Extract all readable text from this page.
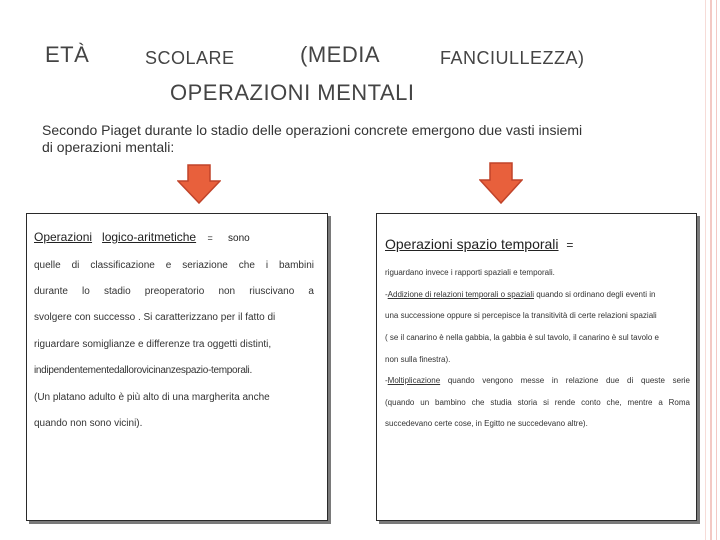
ETÀ	SCOLARE	(MEDIA	FANCIULLEZZA)
OPERAZIONI MENTALI
Secondo Piaget durante lo stadio delle operazioni concrete emergono due vasti insiemi
di operazioni mentali:
Operazioni logico-aritmetiche = sono
quelle di classificazione e seriazione che i bambini
durante lo stadio preoperatorio non riuscivano a
svolgere con successo . Si caratterizzano per il fatto di
riguardare somiglianze e differenze tra oggetti distinti,
indipendentementedallorovicinanzespazio-temporali.
(Un platano adulto è più alto di una margherita anche
quando non sono vicini).
Operazioni spazio temporali =
riguardano invece i rapporti spaziali e temporali.
-Addizione di relazioni temporali o spaziali quando si ordinano degli eventi in
una successione oppure si percepisce la transitività di certe relazioni spaziali
( se il canarino è nella gabbia, la gabbia è sul tavolo, il canarino è sul tavolo e
non sulla finestra).
-Moltiplicazione quando vengono messe in relazione due di queste serie
(quando un bambino che studia storia si rende conto che, mentre a Roma
succedevano certe cose, in Egitto ne succedevano altre).
